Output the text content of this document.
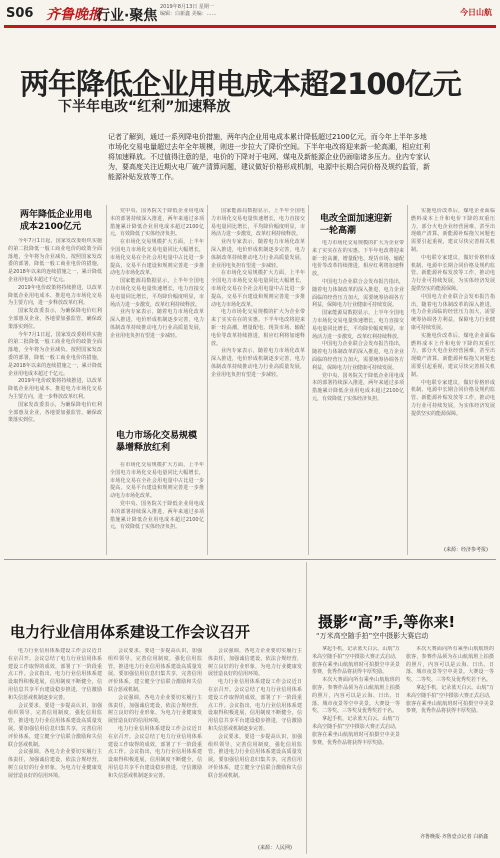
S06 齐鲁晚报
行业·聚焦
2019年8月13日 星期一
编辑：白新鑫 美编：……	今日山航
两年降低企业用电成本超2100亿元
下半年电改“红利”加速释放
记者了解到，通过一系列降电价措施，两年内企业用电成本累计降低超过2100亿元，而今年上半年多地市场化交易电量超过去年全年规模，则进一步拉大了降价空间。下半年电改将迎来新一轮高潮，相应红利将加速释放。不过值得注意的是，电价的下降对于电网、煤电及新能源企业仍面临诸多压力。业内专家认为，要高度关注近期火电厂破产清算问题，建议做好价格形成机制，电源中长期合同价格及规约监管，新能源补贴发放等工作。
两年降低企业用电成本2100亿元

今年7月1日起，国家发改委组织实施的第二批降低一般工商业电价的政策全面落地，全年将为企业减负。按照国家发改委的部署，降低一般工商业电价的措施，是2018年以来的连续措施之一，累计降低企业用电成本超过千亿元。

2019年电价政策将持续推进，以改革降低企业用电成本、推进电力市场化交易为主要方向，进一步释放改革红利。

国家发改委表示，为确保降电价红利全部惠及企业，各地要加强监管，确保政策落实到位。

今年7月1日起，国家发改委组织实施的第二批降低一般工商业电价的政策全面落地，全年将为企业减负。按照国家发改委的部署，降低一般工商业电价的措施，是2018年以来的连续措施之一，累计降低企业用电成本超过千亿元。

2019年电价政策将持续推进，以改革降低企业用电成本、推进电力市场化交易为主要方向，进一步释放改革红利。

国家发改委表示，为确保降电价红利全部惠及企业，各地要加强监管，确保政策落实到位。

党中央、国务院关于降低企业用电成本的部署持续深入推进，两年来通过多项措施累计降低企业用电成本超过2100亿元，有效降低了实体经济负担。

在市场化交易规模扩大方面，上半年全国电力市场化交易电量同比大幅增长，市场化交易在全社会用电量中占比进一步提高，交易平台建设和规则完善进一步推动电力市场化改革。

国家能源局数据显示，上半年全国电力市场化交易电量快速增长，电力直接交易电量同比增长，平均降价幅度明显，市场活力进一步激发，改革红利持续释放。

业内专家表示，随着电力市场化改革深入推进，电价形成机制逐步完善，电力体制改革持续推动电力行业高质量发展，企业用电负担有望进一步减轻。

电力市场化交易规模暴增释放红利

在市场化交易规模扩大方面，上半年全国电力市场化交易电量同比大幅增长，市场化交易在全社会用电量中占比进一步提高，交易平台建设和规则完善进一步推动电力市场化改革。

党中央、国务院关于降低企业用电成本的部署持续深入推进，两年来通过多项措施累计降低企业用电成本超过2100亿元，有效降低了实体经济负担。

国家能源局数据显示，上半年全国电力市场化交易电量快速增长，电力直接交易电量同比增长，平均降价幅度明显，市场活力进一步激发，改革红利持续释放。

业内专家表示，随着电力市场化改革深入推进，电价形成机制逐步完善，电力体制改革持续推动电力行业高质量发展，企业用电负担有望进一步减轻。

在市场化交易规模扩大方面，上半年全国电力市场化交易电量同比大幅增长，市场化交易在全社会用电量中占比进一步提高，交易平台建设和规则完善进一步推动电力市场化改革。

电力市场化交易规模的扩大为企业带来了实实在在的实惠。下半年电改将迎来新一轮高潮，增量配电、现货市场、输配电价等改革持续推进，相应红利将加速释放。

业内专家表示，随着电力市场化改革深入推进，电价形成机制逐步完善，电力体制改革持续推动电力行业高质量发展，企业用电负担有望进一步减轻。

电改全面加速迎新一轮高潮

电力市场化交易规模的扩大为企业带来了实实在在的实惠。下半年电改将迎来新一轮高潮，增量配电、现货市场、输配电价等改革持续推进，相应红利将加速释放。

中国电力企业联合会发布报告指出，随着电力体制改革的深入推进，电力企业面临的经营压力加大，需要统筹协调各方利益，保障电力行业健康可持续发展。

国家能源局数据显示，上半年全国电力市场化交易电量快速增长，电力直接交易电量同比增长，平均降价幅度明显，市场活力进一步激发，改革红利持续释放。

中国电力企业联合会发布报告指出，随着电力体制改革的深入推进，电力企业面临的经营压力加大，需要统筹协调各方利益，保障电力行业健康可持续发展。

党中央、国务院关于降低企业用电成本的部署持续深入推进，两年来通过多项措施累计降低企业用电成本超过2100亿元，有效降低了实体经济负担。

实施电价改革后，煤电企业面临燃料成本上升和电价下降的双重压力，部分火电企业经营困难，甚至出现破产清算。新能源补贴拖欠问题也需要引起重视，建议尽快完善相关机制。

中电联专家建议，做好价格形成机制、电源中长期合同价格及规约监管、新能源补贴发放等工作，推动电力行业可持续发展，为实体经济发展提供坚实的能源保障。

中国电力企业联合会发布报告指出，随着电力体制改革的深入推进，电力企业面临的经营压力加大，需要统筹协调各方利益，保障电力行业健康可持续发展。

实施电价改革后，煤电企业面临燃料成本上升和电价下降的双重压力，部分火电企业经营困难，甚至出现破产清算。新能源补贴拖欠问题也需要引起重视，建议尽快完善相关机制。

中电联专家建议，做好价格形成机制、电源中长期合同价格及规约监管、新能源补贴发放等工作，推动电力行业可持续发展，为实体经济发展提供坚实的能源保障。

(来源：经济参考报)
电力行业信用体系建设工作会议召开

电力行业信用体系建设工作会议近日在京召开。会议总结了电力行业信用体系建设工作取得的成效，部署了下一阶段重点工作。会议指出，电力行业信用体系建设取得积极进展，信用制度不断健全，信用信息共享平台建设稳步推进，守信激励和失信惩戒机制逐步完善。

会议要求，要进一步提高认识，加强组织领导，完善信用制度，强化信用监管，推进电力行业信用体系建设高质量发展。要加强信用信息归集共享，完善信用评价体系，建立健全守信联合激励和失信联合惩戒机制。

会议强调，各电力企业要切实履行主体责任，加强诚信建设，依法合规经营，树立良好的行业形象，为电力行业健康发展营造良好的信用环境。

会议要求，要进一步提高认识，加强组织领导，完善信用制度，强化信用监管，推进电力行业信用体系建设高质量发展。要加强信用信息归集共享，完善信用评价体系，建立健全守信联合激励和失信联合惩戒机制。

会议强调，各电力企业要切实履行主体责任，加强诚信建设，依法合规经营，树立良好的行业形象，为电力行业健康发展营造良好的信用环境。

电力行业信用体系建设工作会议近日在京召开。会议总结了电力行业信用体系建设工作取得的成效，部署了下一阶段重点工作。会议指出，电力行业信用体系建设取得积极进展，信用制度不断健全，信用信息共享平台建设稳步推进，守信激励和失信惩戒机制逐步完善。

会议强调，各电力企业要切实履行主体责任，加强诚信建设，依法合规经营，树立良好的行业形象，为电力行业健康发展营造良好的信用环境。

电力行业信用体系建设工作会议近日在京召开。会议总结了电力行业信用体系建设工作取得的成效，部署了下一阶段重点工作。会议指出，电力行业信用体系建设取得积极进展，信用制度不断健全，信用信息共享平台建设稳步推进，守信激励和失信惩戒机制逐步完善。

会议要求，要进一步提高认识，加强组织领导，完善信用制度，强化信用监管，推进电力行业信用体系建设高质量发展。要加强信用信息归集共享，完善信用评价体系，建立健全守信联合激励和失信联合惩戒机制。

(来源：人民网)
摄影“高”手,等你来!
“万米高空随手拍”空中摄影大赛启动

拿起手机，记录蓝天白云。山航“万米高空随手拍”空中摄影大赛正式启动，旅客在乘坐山航航班时可拍摄空中美景参赛，优秀作品将获得丰厚奖励。

本次大赛面向所有乘坐山航航班的旅客，参赛作品须为在山航航班上拍摄的照片，内容可以是云海、日出、日落、城市夜景等空中美景。大赛设一等奖、二等奖、三等奖及优秀奖若干名。

拿起手机，记录蓝天白云。山航“万米高空随手拍”空中摄影大赛正式启动，旅客在乘坐山航航班时可拍摄空中美景参赛，优秀作品将获得丰厚奖励。

本次大赛面向所有乘坐山航航班的旅客，参赛作品须为在山航航班上拍摄的照片，内容可以是云海、日出、日落、城市夜景等空中美景。大赛设一等奖、二等奖、三等奖及优秀奖若干名。

拿起手机，记录蓝天白云。山航“万米高空随手拍”空中摄影大赛正式启动，旅客在乘坐山航航班时可拍摄空中美景参赛，优秀作品将获得丰厚奖励。

齐鲁晚报·齐鲁壹点记者 白新鑫
